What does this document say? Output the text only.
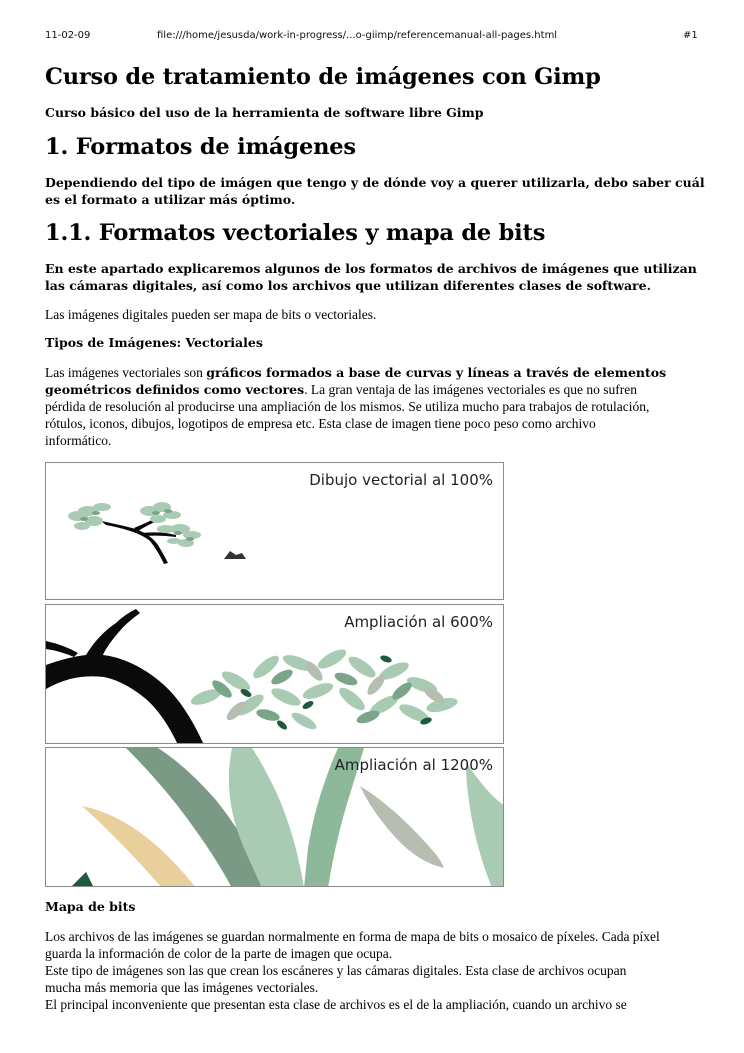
11-02-09	file:///home/jesusda/work-in-progress/...o-giimp/referencemanual-all-pages.html	#1
Curso de tratamiento de imágenes con Gimp
Curso básico del uso de la herramienta de software libre Gimp
1. Formatos de imágenes
Dependiendo del tipo de imágen que tengo y de dónde voy a querer utilizarla, debo saber cuál
es el formato a utilizar más óptimo.
1.1. Formatos vectoriales y mapa de bits
En este apartado explicaremos algunos de los formatos de archivos de imágenes que utilizan
las cámaras digitales, así como los archivos que utilizan diferentes clases de software.
Las imágenes digitales pueden ser mapa de bits o vectoriales.
Tipos de Imágenes: Vectoriales
Las imágenes vectoriales son gráficos formados a base de curvas y líneas a través de elementos
geométricos definidos como vectores. La gran ventaja de las imágenes vectoriales es que no sufren
pérdida de resolución al producirse una ampliación de los mismos. Se utiliza mucho para trabajos de rotulación,
rótulos, iconos, dibujos, logotipos de empresa etc. Esta clase de imagen tiene poco peso como archivo
informático.
Dibujo vectorial al 100%
Ampliación al 600%
Ampliación al 1200%
Mapa de bits
Los archivos de las imágenes se guardan normalmente en forma de mapa de bits o mosaico de píxeles. Cada píxel
guarda la información de color de la parte de imagen que ocupa.
Este tipo de imágenes son las que crean los escáneres y las cámaras digitales. Esta clase de archivos ocupan
mucha más memoria que las imágenes vectoriales.
El principal inconveniente que presentan esta clase de archivos es el de la ampliación, cuando un archivo se
